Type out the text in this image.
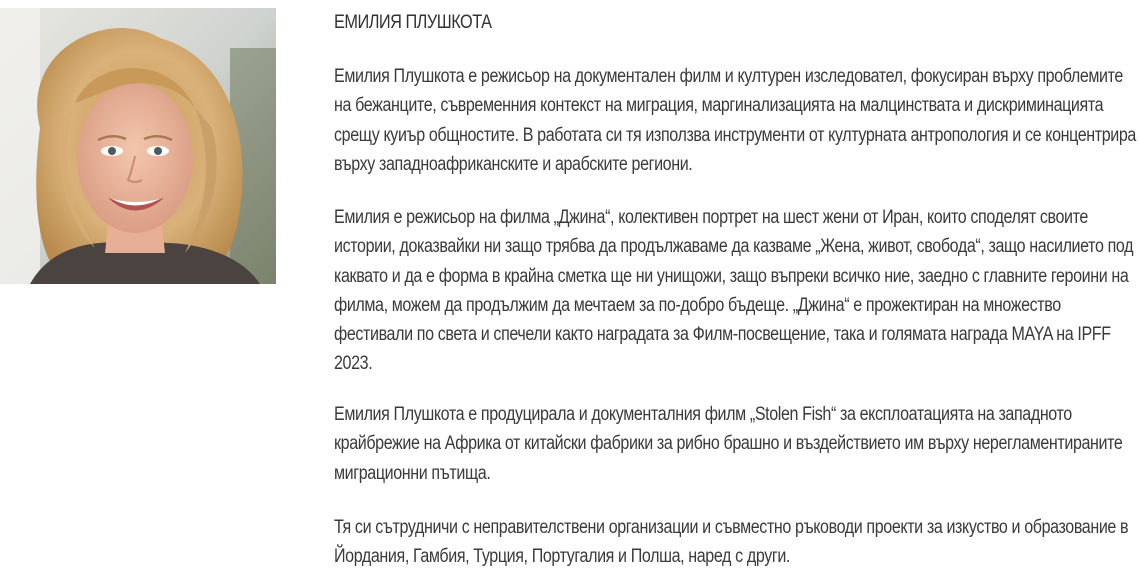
ЕМИЛИЯ ПЛУШКОТА

Емилия Плушкота е режисьор на документален филм и културен изследовател, фокусиран върху проблемите на бежанците, съвременния контекст на миграция, маргинализацията на малцинствата и дискриминацията срещу куиър общностите. В работата си тя използва инструменти от културната антропология и се концентрира върху западноафриканските и арабските региони.

Емилия е режисьор на филма „Джина“, колективен портрет на шест жени от Иран, които споделят своите истории, доказвайки ни защо трябва да продължаваме да казваме „Жена, живот, свобода“, защо насилието под каквато и да е форма в крайна сметка ще ни унищожи, защо въпреки всичко ние, заедно с главните героини на филма, можем да продължим да мечтаем за по-добро бъдеще. „Джина“ е прожектиран на множество фестивали по света и спечели както наградата за Филм-посвещение, така и голямата награда MAYA на IPFF 2023.

Емилия Плушкота е продуцирала и документалния филм „Stolen Fish“ за експлоатацията на западното крайбрежие на Африка от китайски фабрики за рибно брашно и въздействието им върху нерегламентираните миграционни пътища.

Тя си сътрудничи с неправителствени организации и съвместно ръководи проекти за изкуство и образование в Йордания, Гамбия, Турция, Португалия и Полша, наред с други.
